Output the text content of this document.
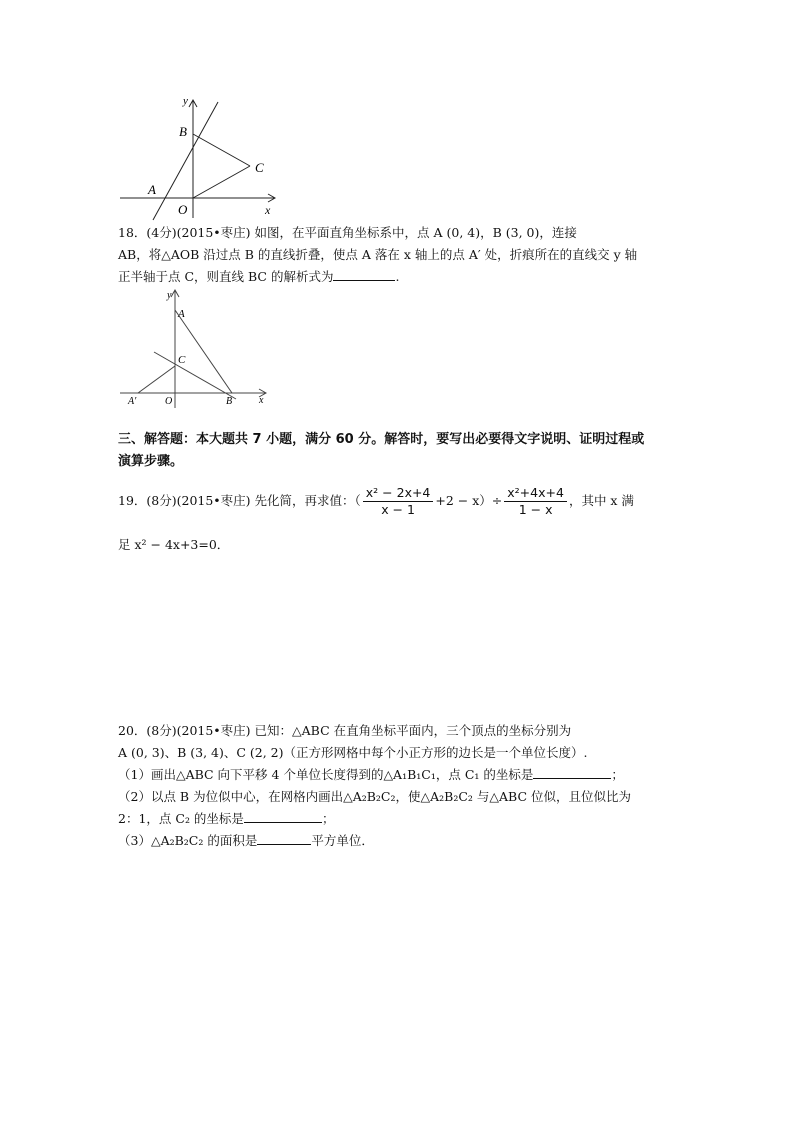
y
x
B
C
A
O
18．(4分)(2015•枣庄) 如图，在平面直角坐标系中，点 A (0, 4)，B (3, 0)，连接
AB，将△AOB 沿过点 B 的直线折叠，使点 A 落在 x 轴上的点 A′ 处，折痕所在的直线交 y 轴
正半轴于点 C，则直线 BC 的解析式为	.
y
x
A
C
A′	O	B
三、解答题：本大题共 7 小题，满分 60 分。解答时，要写出必要得文字说明、证明过程或
演算步骤。
19．(8分)(2015•枣庄) 先化简，再求值：（ $\frac{\text{x² − 2x+4}}{x - 1} +2 - x)\div \frac{\text{x²+4x+4}}{1 - x}$ ，其中 x 满
足 x² − 4x+3=0．
20．(8分)(2015•枣庄) 已知：△ABC 在直角坐标平面内，三个顶点的坐标分别为
A (0, 3)、B (3, 4)、C (2, 2)（正方形网格中每个小正方形的边长是一个单位长度）.
（1）画出△ABC 向下平移 4 个单位长度得到的△A₁B₁C₁，点 C₁ 的坐标是	；
（2）以点 B 为位似中心，在网格内画出△A₂B₂C₂，使△A₂B₂C₂ 与△ABC 位似，且位似比为
2：1，点 C₂ 的坐标是	；
（3）△A₂B₂C₂ 的面积是	平方单位．
